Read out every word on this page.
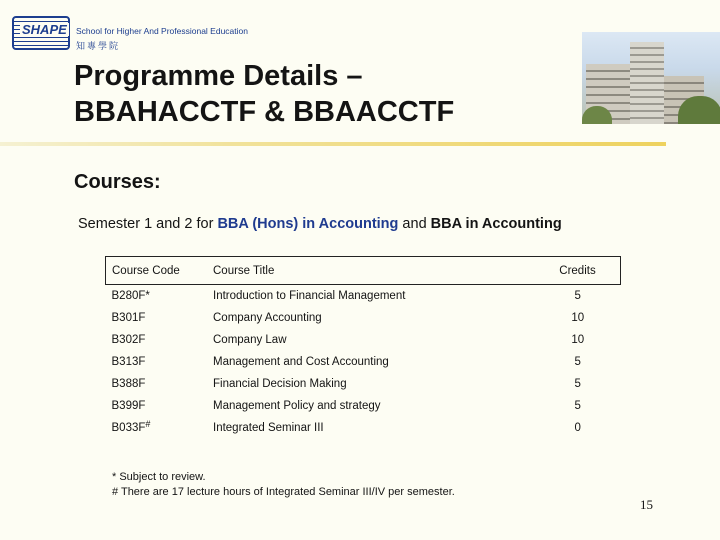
SHAPE School for Higher And Professional Education
知專學院
Programme Details –
BBAHACCTF & BBAACCTF
Courses:
Semester 1 and 2 for BBA (Hons) in Accounting and BBA in Accounting
Course Code	Course Title	Credits
B280F*	Introduction to Financial Management	5
B301F	Company Accounting	10
B302F	Company Law	10
B313F	Management and Cost Accounting	5
B388F	Financial Decision Making	5
B399F	Management Policy and strategy	5
B033F#	Integrated Seminar III	0
* Subject to review.
# There are 17 lecture hours of Integrated Seminar III/IV per semester.
15
